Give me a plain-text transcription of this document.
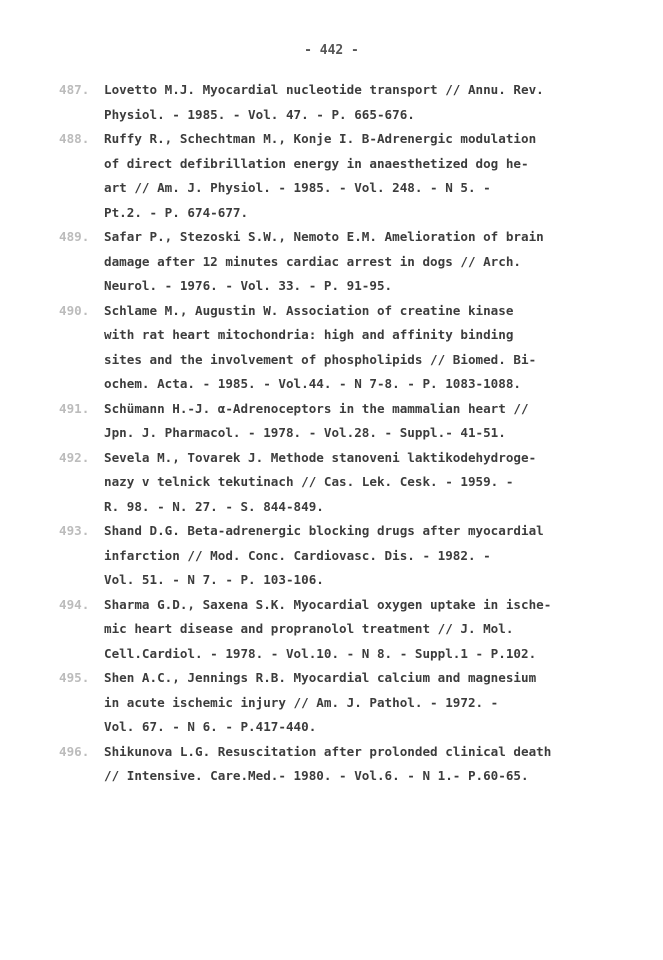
- 442 -
487.	Lovetto M.J. Myocardial nucleotide transport // Annu. Rev.
Physiol. - 1985. - Vol. 47. - P. 665-676.
488.	Ruffy R., Schechtman M., Konje I. B-Adrenergic modulation
of direct defibrillation energy in anaesthetized dog he-
art // Am. J. Physiol. - 1985. - Vol. 248. - N 5. -
Pt.2. - P. 674-677.
489.	Safar P., Stezoski S.W., Nemoto E.M. Amelioration of brain
damage after 12 minutes cardiac arrest in dogs // Arch.
Neurol. - 1976. - Vol. 33. - P. 91-95.
490.	Schlame M., Augustin W. Association of creatine kinase
with rat heart mitochondria: high and affinity binding
sites and the involvement of phospholipids // Biomed. Bi-
ochem. Acta. - 1985. - Vol.44. - N 7-8. - P. 1083-1088.
491.	Schümann H.-J. α-Adrenoceptors in the mammalian heart //
Jpn. J. Pharmacol. - 1978. - Vol.28. - Suppl.- 41-51.
492.	Sevela M., Tovarek J. Methode stanoveni laktikodehydroge-
nazy v telnick tekutinach // Cas. Lek. Cesk. - 1959. -
R. 98. - N. 27. - S. 844-849.
493.	Shand D.G. Beta-adrenergic blocking drugs after myocardial
infarction // Mod. Conc. Cardiovasc. Dis. - 1982. -
Vol. 51. - N 7. - P. 103-106.
494.	Sharma G.D., Saxena S.K. Myocardial oxygen uptake in ische-
mic heart disease and propranolol treatment // J. Mol.
Cell.Cardiol. - 1978. - Vol.10. - N 8. - Suppl.1 - P.102.
495.	Shen A.C., Jennings R.B. Myocardial calcium and magnesium
in acute ischemic injury // Am. J. Pathol. - 1972. -
Vol. 67. - N 6. - P.417-440.
496.	Shikunova L.G. Resuscitation after prolonded clinical death
// Intensive. Care.Med.- 1980. - Vol.6. - N 1.- P.60-65.
